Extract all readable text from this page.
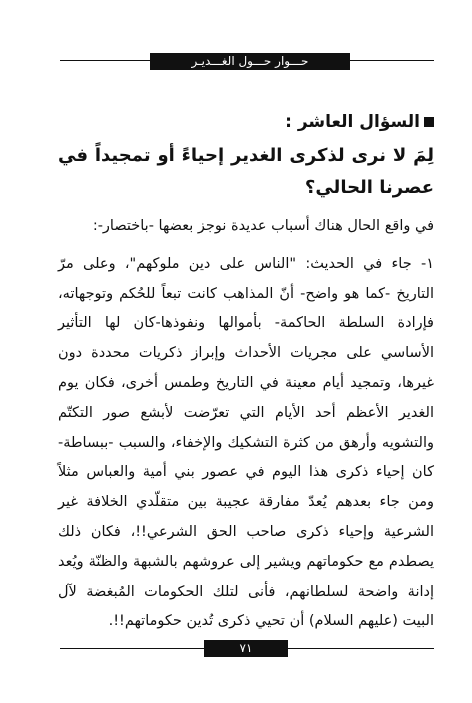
حـــوار حـــول الغـــديـر

السؤال العاشر :

لِمَ لا نرى لذكرى الغدير إحياءً أو تمجيداً في عصرنا الحالي؟

في واقع الحال هناك أسباب عديدة نوجز بعضها -باختصار-:

١- جاء في الحديث: "الناس على دين ملوكهم"، وعلى مرّ التاريخ -كما هو واضح- أنّ المذاهب كانت تبعاً للحُكم وتوجهاته، فإرادة السلطة الحاكمة- بأموالها ونفوذها-كان لها التأثير الأساسي على مجريات الأحداث وإبراز ذكريات محددة دون غيرها، وتمجيد أيام معينة في التاريخ وطمس أخرى، فكان يوم الغدير الأعظم أحد الأيام التي تعرّضت لأبشع صور التكتّم والتشويه وأرهق من كثرة التشكيك والإخفاء، والسبب -ببساطة- كان إحياء ذكرى هذا اليوم في عصور بني أمية والعباس مثلاً ومن جاء بعدهم يُعدّ مفارقة عجيبة بين متقلّدي الخلافة غير الشرعية وإحياء ذكرى صاحب الحق الشرعي!!، فكان ذلك يصطدم مع حكوماتهم ويشير إلى عروشهم بالشبهة والظنّة ويُعد إدانة واضحة لسلطانهم، فأنى لتلك الحكومات المُبغضة لآل البيت (عليهم السلام) أن تحيي ذكرى تُدين حكوماتهم!!.

٧١
